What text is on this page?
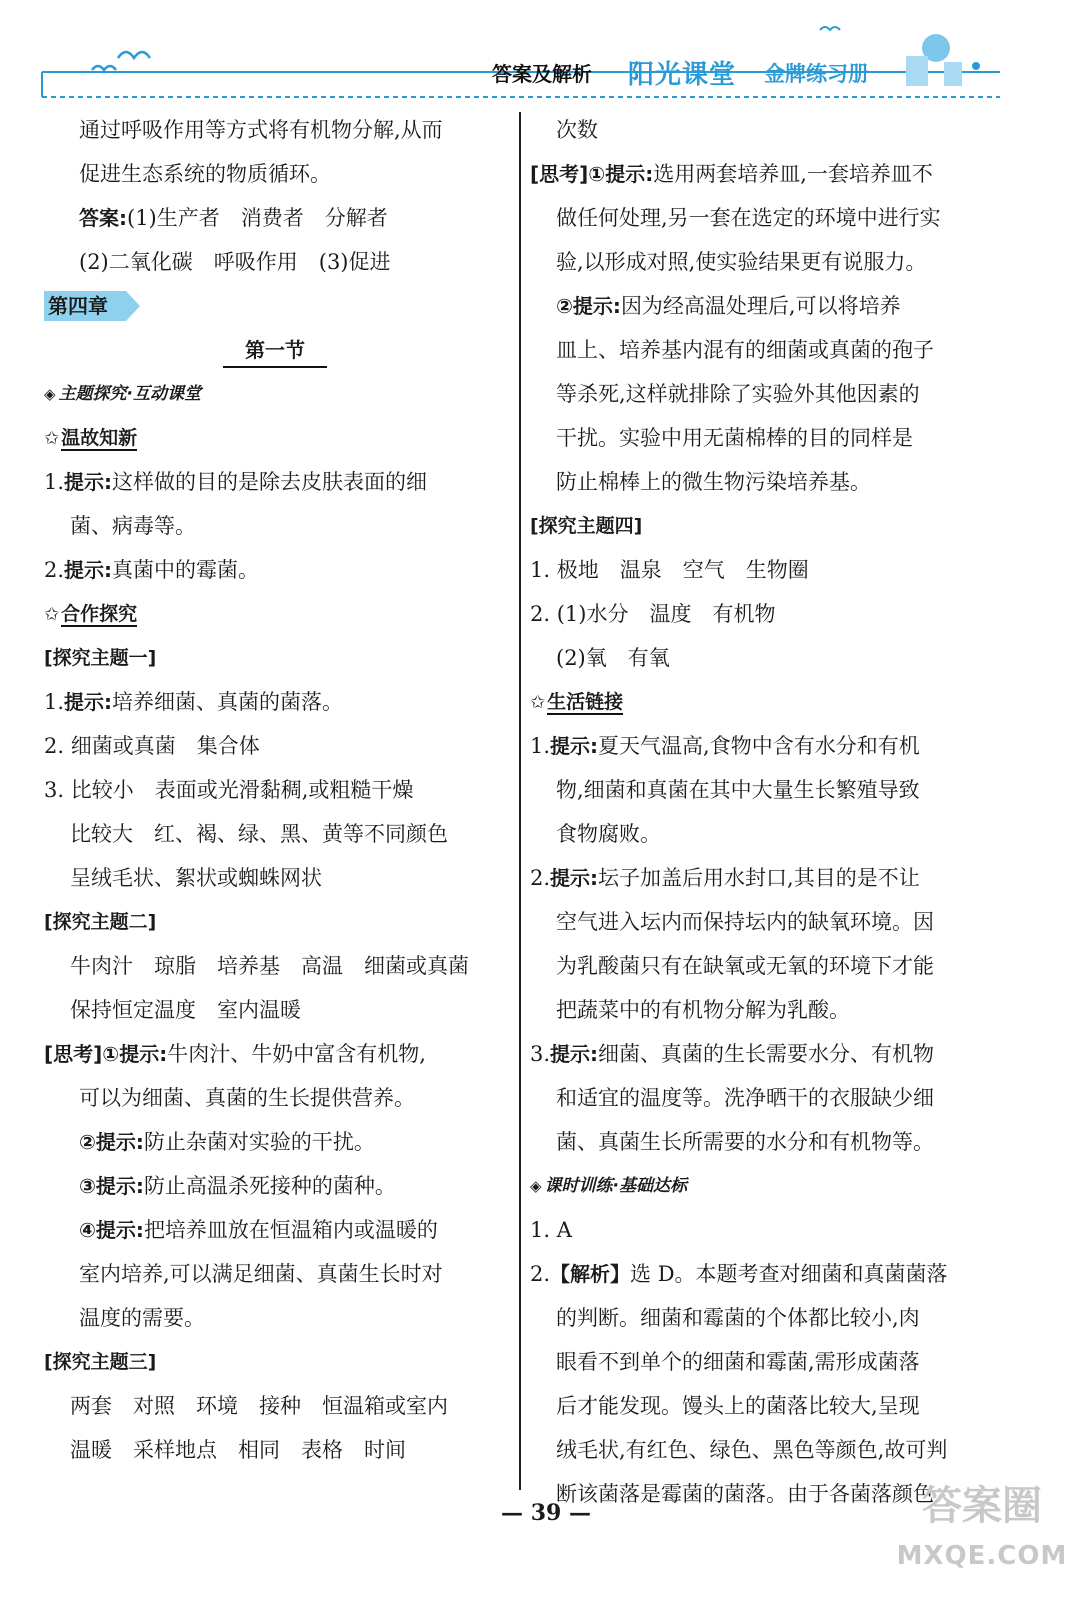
答案及解析 阳光课堂 金牌练习册
通过呼吸作用等方式将有机物分解,从而
促进生态系统的物质循环。
答案:(1)生产者　消费者　分解者
(2)二氧化碳　呼吸作用　(3)促进
第四章
第一节
◈ 主题探究·互动课堂
✩ 温故知新
1.提示:这样做的目的是除去皮肤表面的细
菌、病毒等。
2.提示:真菌中的霉菌。
✩ 合作探究
[探究主题一]
1.提示:培养细菌、真菌的菌落。
2. 细菌或真菌　集合体
3. 比较小　表面或光滑黏稠,或粗糙干燥
比较大　红、褐、绿、黑、黄等不同颜色
呈绒毛状、絮状或蜘蛛网状
[探究主题二]
牛肉汁　琼脂　培养基　高温　细菌或真菌
保持恒定温度　室内温暖
[思考]①提示:牛肉汁、牛奶中富含有机物,
可以为细菌、真菌的生长提供营养。
②提示:防止杂菌对实验的干扰。
③提示:防止高温杀死接种的菌种。
④提示:把培养皿放在恒温箱内或温暖的
室内培养,可以满足细菌、真菌生长时对
温度的需要。
[探究主题三]
两套　对照　环境　接种　恒温箱或室内
温暖　采样地点　相同　表格　时间
次数
[思考]①提示:选用两套培养皿,一套培养皿不
做任何处理,另一套在选定的环境中进行实
验,以形成对照,使实验结果更有说服力。
②提示:因为经高温处理后,可以将培养
皿上、培养基内混有的细菌或真菌的孢子
等杀死,这样就排除了实验外其他因素的
干扰。实验中用无菌棉棒的目的同样是
防止棉棒上的微生物污染培养基。
[探究主题四]
1. 极地　温泉　空气　生物圈
2. (1)水分　温度　有机物
(2)氧　有氧
✩ 生活链接
1.提示:夏天气温高,食物中含有水分和有机
物,细菌和真菌在其中大量生长繁殖导致
食物腐败。
2.提示:坛子加盖后用水封口,其目的是不让
空气进入坛内而保持坛内的缺氧环境。因
为乳酸菌只有在缺氧或无氧的环境下才能
把蔬菜中的有机物分解为乳酸。
3.提示:细菌、真菌的生长需要水分、有机物
和适宜的温度等。洗净晒干的衣服缺少细
菌、真菌生长所需要的水分和有机物等。
◈ 课时训练·基础达标
1. A
2.【解析】选 D。本题考查对细菌和真菌菌落
的判断。细菌和霉菌的个体都比较小,肉
眼看不到单个的细菌和霉菌,需形成菌落
后才能发现。馒头上的菌落比较大,呈现
绒毛状,有红色、绿色、黑色等颜色,故可判
断该菌落是霉菌的菌落。由于各菌落颜色
— 39 —	答案圈
MXQE.COM
